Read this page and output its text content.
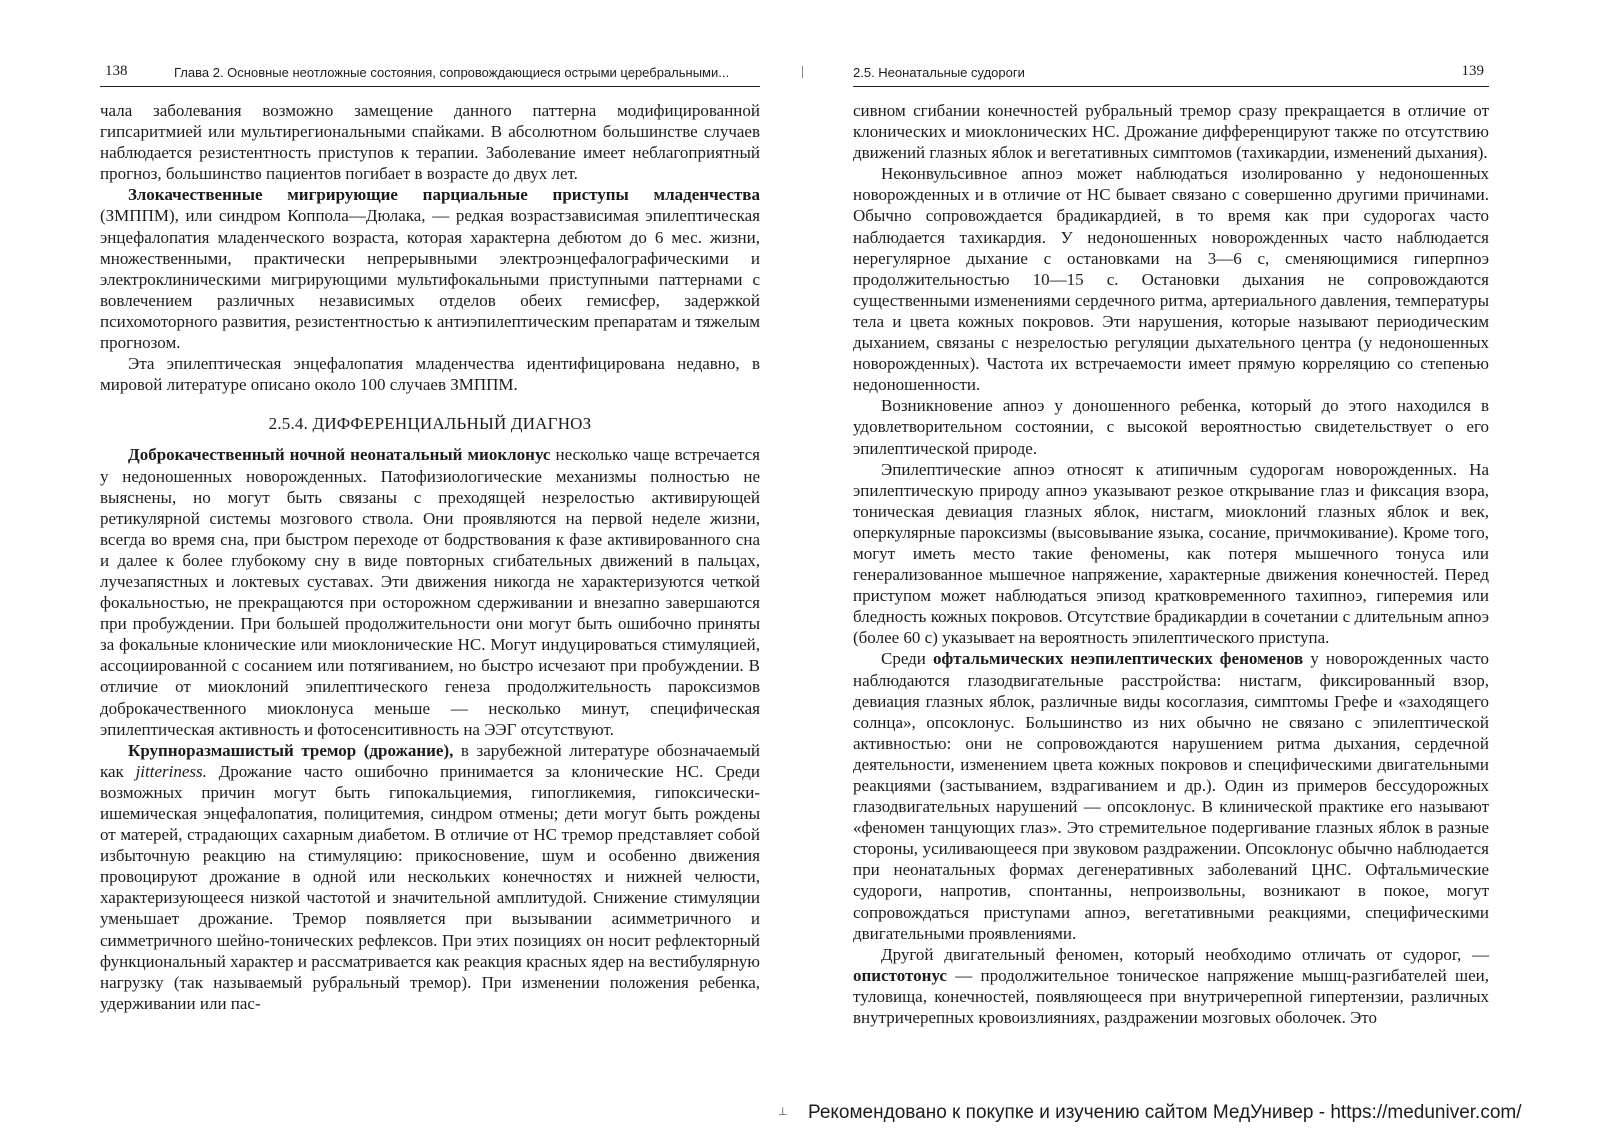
138	Глава 2. Основные неотложные состояния, сопровождающиеся острыми церебральными...

чала заболевания возможно замещение данного паттерна модифицированной гипсаритмией или мультирегиональными спайками. В абсолютном большинстве случаев наблюдается резистентность приступов к терапии. Заболевание имеет неблагоприятный прогноз, большинство пациентов погибает в возрасте до двух лет.

Злокачественные мигрирующие парциальные приступы младенчества (ЗМППМ), или синдром Коппола—Дюлака, — редкая возрастзависимая эпилептическая энцефалопатия младенческого возраста, которая характерна дебютом до 6 мес. жизни, множественными, практически непрерывными электроэнцефалографическими и электроклиническими мигрирующими мультифокальными приступными паттернами с вовлечением различных независимых отделов обеих гемисфер, задержкой психомоторного развития, резистентностью к антиэпилептическим препаратам и тяжелым прогнозом.

Эта эпилептическая энцефалопатия младенчества идентифицирована недавно, в мировой литературе описано около 100 случаев ЗМППМ.

2.5.4. ДИФФЕРЕНЦИАЛЬНЫЙ ДИАГНОЗ

Доброкачественный ночной неонатальный миоклонус несколько чаще встречается у недоношенных новорожденных. Патофизиологические механизмы полностью не выяснены, но могут быть связаны с преходящей незрелостью активирующей ретикулярной системы мозгового ствола. Они проявляются на первой неделе жизни, всегда во время сна, при быстром переходе от бодрствования к фазе активированного сна и далее к более глубокому сну в виде повторных сгибательных движений в пальцах, лучезапястных и локтевых суставах. Эти движения никогда не характеризуются четкой фокальностью, не прекращаются при осторожном сдерживании и внезапно завершаются при пробуждении. При большей продолжительности они могут быть ошибочно приняты за фокальные клонические или миоклонические НС. Могут индуцироваться стимуляцией, ассоциированной с сосанием или потягиванием, но быстро исчезают при пробуждении. В отличие от миоклоний эпилептического генеза продолжительность пароксизмов доброкачественного миоклонуса меньше — несколько минут, специфическая эпилептическая активность и фотосенситивность на ЭЭГ отсутствуют.

Крупноразмашистый тремор (дрожание), в зарубежной литературе обозначаемый как jitteriness. Дрожание часто ошибочно принимается за клонические НС. Среди возможных причин могут быть гипокальциемия, гипогликемия, гипоксически-ишемическая энцефалопатия, полицитемия, синдром отмены; дети могут быть рождены от матерей, страдающих сахарным диабетом. В отличие от НС тремор представляет собой избыточную реакцию на стимуляцию: прикосновение, шум и особенно движения провоцируют дрожание в одной или нескольких конечностях и нижней челюсти, характеризующееся низкой частотой и значительной амплитудой. Снижение стимуляции уменьшает дрожание. Тремор появляется при вызывании асимметричного и симметричного шейно-тонических рефлексов. При этих позициях он носит рефлекторный функциональный характер и рассматривается как реакция красных ядер на вестибулярную нагрузку (так называемый рубральный тремор). При изменении положения ребенка, удерживании или пас-

2.5. Неонатальные судороги	139

сивном сгибании конечностей рубральный тремор сразу прекращается в отличие от клонических и миоклонических НС. Дрожание дифференцируют также по отсутствию движений глазных яблок и вегетативных симптомов (тахикардии, изменений дыхания).

Неконвульсивное апноэ может наблюдаться изолированно у недоношенных новорожденных и в отличие от НС бывает связано с совершенно другими причинами. Обычно сопровождается брадикардией, в то время как при судорогах часто наблюдается тахикардия. У недоношенных новорожденных часто наблюдается нерегулярное дыхание с остановками на 3—6 с, сменяющимися гиперпноэ продолжительностью 10—15 с. Остановки дыхания не сопровождаются существенными изменениями сердечного ритма, артериального давления, температуры тела и цвета кожных покровов. Эти нарушения, которые называют периодическим дыханием, связаны с незрелостью регуляции дыхательного центра (у недоношенных новорожденных). Частота их встречаемости имеет прямую корреляцию со степенью недоношенности.

Возникновение апноэ у доношенного ребенка, который до этого находился в удовлетворительном состоянии, с высокой вероятностью свидетельствует о его эпилептической природе.

Эпилептические апноэ относят к атипичным судорогам новорожденных. На эпилептическую природу апноэ указывают резкое открывание глаз и фиксация взора, тоническая девиация глазных яблок, нистагм, миоклоний глазных яблок и век, оперкулярные пароксизмы (высовывание языка, сосание, причмокивание). Кроме того, могут иметь место такие феномены, как потеря мышечного тонуса или генерализованное мышечное напряжение, характерные движения конечностей. Перед приступом может наблюдаться эпизод кратковременного тахипноэ, гиперемия или бледность кожных покровов. Отсутствие брадикардии в сочетании с длительным апноэ (более 60 с) указывает на вероятность эпилептического приступа.

Среди офтальмических неэпилептических феноменов у новорожденных часто наблюдаются глазодвигательные расстройства: нистагм, фиксированный взор, девиация глазных яблок, различные виды косоглазия, симптомы Грефе и «заходящего солнца», опсоклонус. Большинство из них обычно не связано с эпилептической активностью: они не сопровождаются нарушением ритма дыхания, сердечной деятельности, изменением цвета кожных покровов и специфическими двигательными реакциями (застыванием, вздрагиванием и др.). Один из примеров бессудорожных глазодвигательных нарушений — опсоклонус. В клинической практике его называют «феномен танцующих глаз». Это стремительное подергивание глазных яблок в разные стороны, усиливающееся при звуковом раздражении. Опсоклонус обычно наблюдается при неонатальных формах дегенеративных заболеваний ЦНС. Офтальмические судороги, напротив, спонтанны, непроизвольны, возникают в покое, могут сопровождаться приступами апноэ, вегетативными реакциями, специфическими двигательными проявлениями.

Другой двигательный феномен, который необходимо отличать от судорог, — опистотонус — продолжительное тоническое напряжение мышц-разгибателей шеи, туловища, конечностей, появляющееся при внутричерепной гипертензии, различных внутричерепных кровоизлияниях, раздражении мозговых оболочек. Это

⊥ Рекомендовано к покупке и изучению сайтом МедУнивер - https://meduniver.com/
